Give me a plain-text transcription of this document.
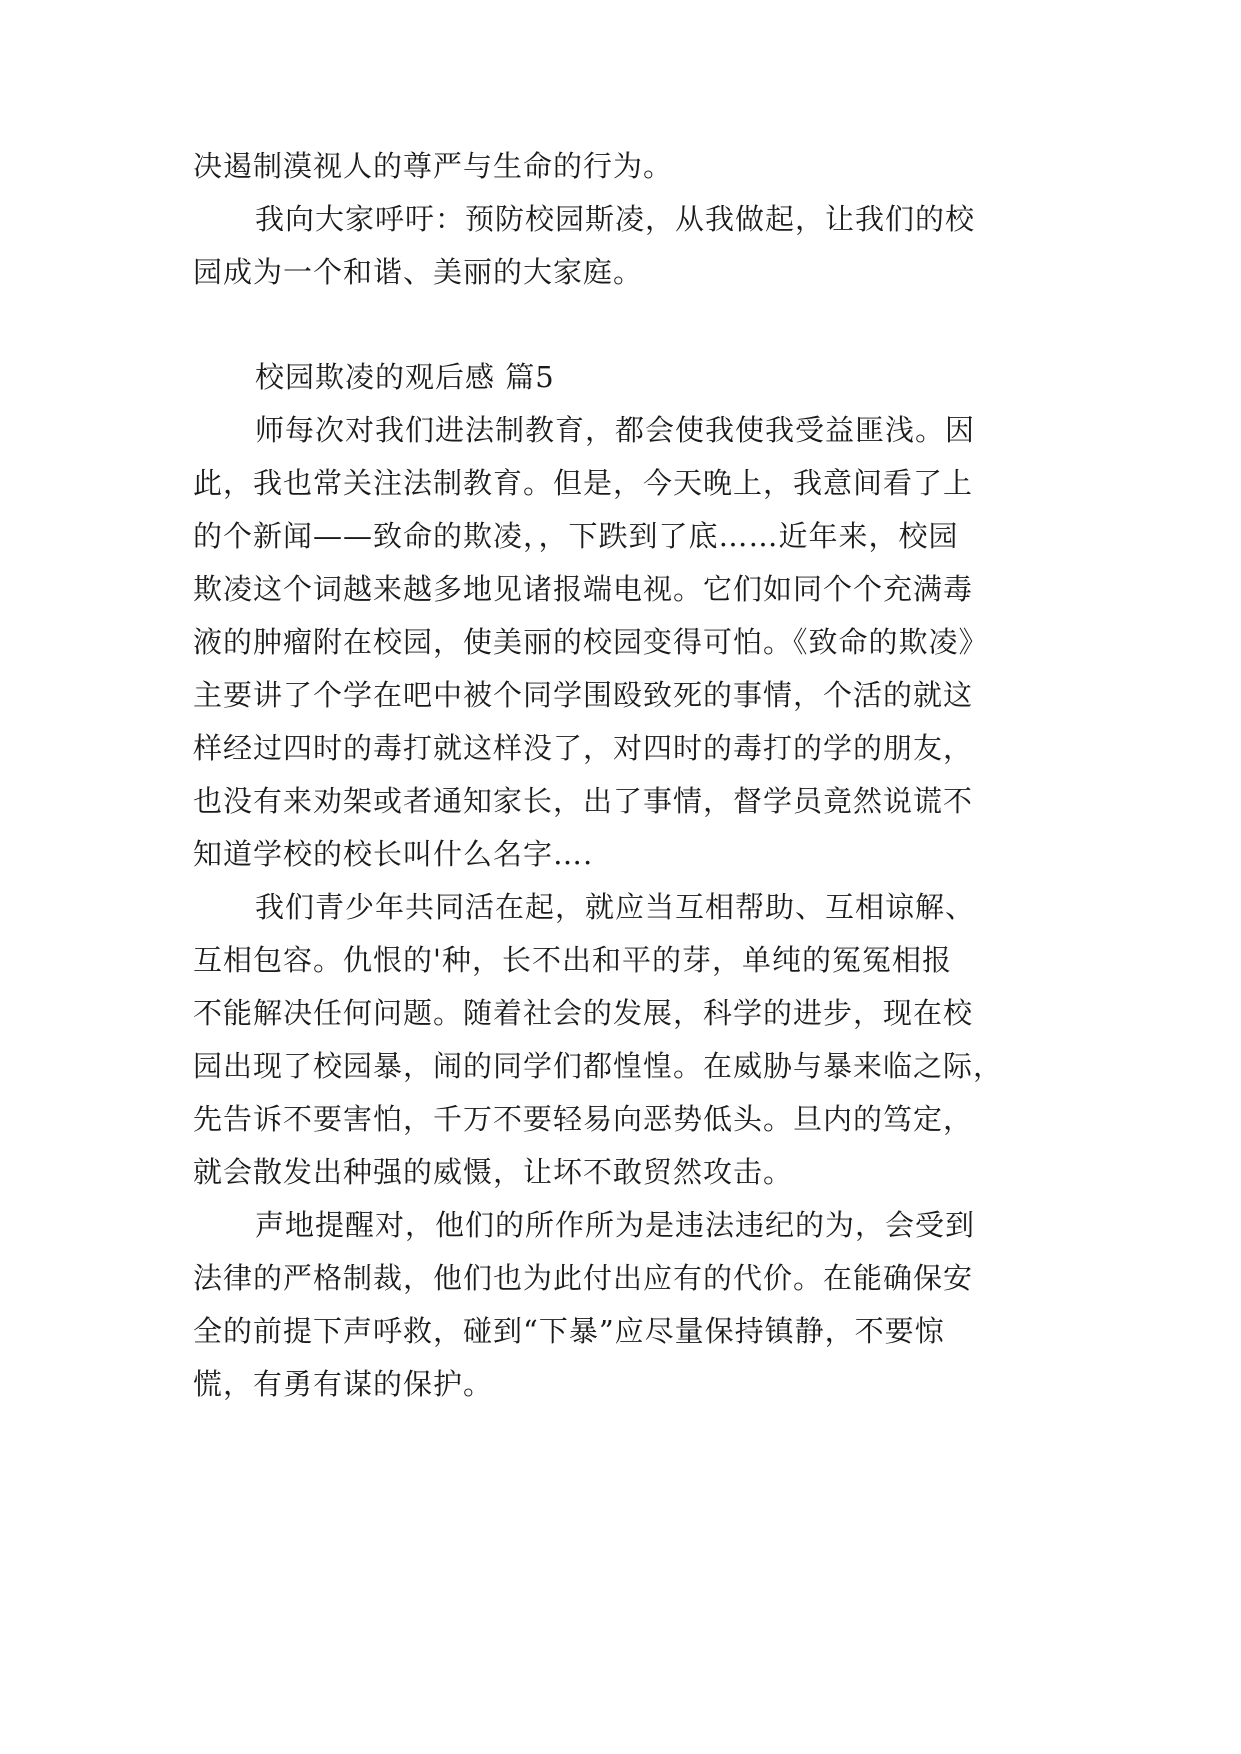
决遏制漠视人的尊严与生命的行为。
我向大家呼吁：预防校园斯凌，从我做起，让我们的校
园成为一个和谐、美丽的大家庭。
校园欺凌的观后感 篇5
师每次对我们进法制教育，都会使我使我受益匪浅。因
此，我也常关注法制教育。但是，今天晚上，我意间看了上
的个新闻——致命的欺凌，，下跌到了底……近年来，校园
欺凌这个词越来越多地见诸报端电视。它们如同个个充满毒
液的肿瘤附在校园，使美丽的校园变得可怕。《致命的欺凌》
主要讲了个学在吧中被个同学围殴致死的事情，个活的就这
样经过四时的毒打就这样没了，对四时的毒打的学的朋友，
也没有来劝架或者通知家长，出了事情，督学员竟然说谎不
知道学校的校长叫什么名字….
我们青少年共同活在起，就应当互相帮助、互相谅解、
互相包容。仇恨的'种，长不出和平的芽，单纯的冤冤相报
不能解决任何问题。随着社会的发展，科学的进步，现在校
园出现了校园暴，闹的同学们都惶惶。在威胁与暴来临之际，
先告诉不要害怕，千万不要轻易向恶势低头。旦内的笃定，
就会散发出种强的威慑，让坏不敢贸然攻击。
声地提醒对，他们的所作所为是违法违纪的为，会受到
法律的严格制裁，他们也为此付出应有的代价。在能确保安
全的前提下声呼救，碰到“下暴”应尽量保持镇静，不要惊
慌，有勇有谋的保护。
